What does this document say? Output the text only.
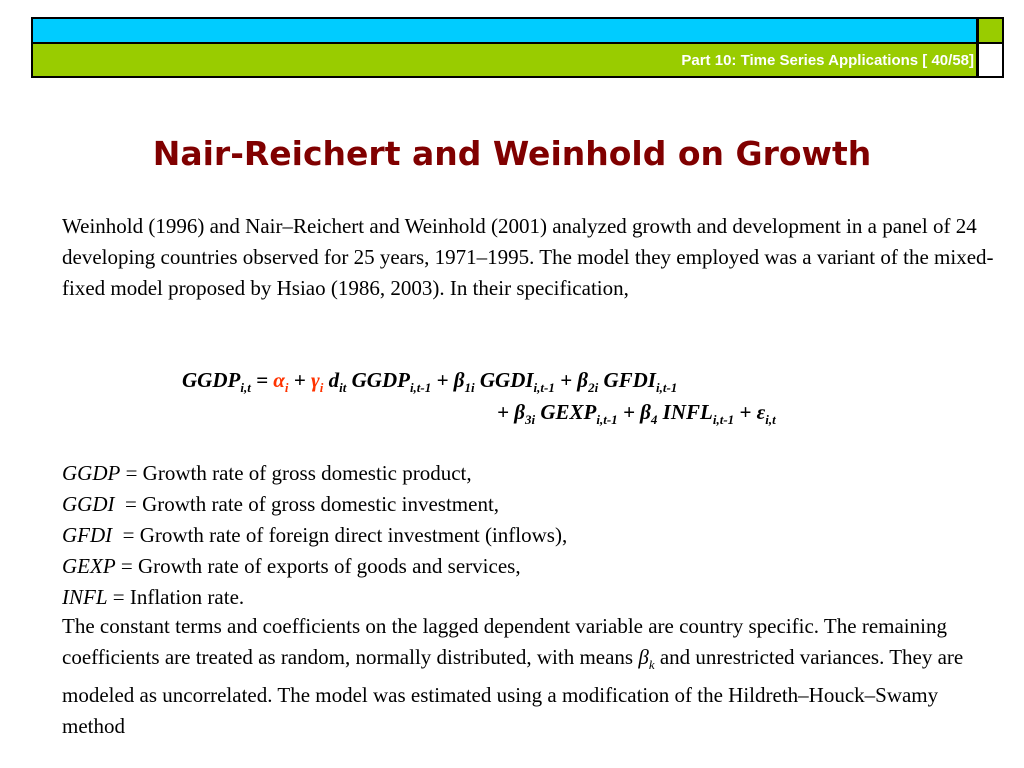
Part 10: Time Series Applications [ 40/58]
Nair-Reichert and Weinhold on Growth
Weinhold (1996) and Nair–Reichert and Weinhold (2001) analyzed growth and development in a panel of 24 developing countries observed for 25 years, 1971–1995. The model they employed was a variant of the mixed-fixed model proposed by Hsiao (1986, 2003). In their specification,
$GGDP_{i,t} = \alpha_i + \gamma_i$ $d_{it}$ $GGDP_{i,t-1} + \beta_{1i}$ $GGDI_{i,t-1} + \beta_{2i}$ $GFDI_{i,t-1}$
+ $\beta_{3i}$ $GEXP_{i,t-1} + \beta_4$ $INFL_{i,t-1} + \varepsilon_{i,t}$
GGDP = Growth rate of gross domestic product,
GGDI  = Growth rate of gross domestic investment,
GFDI  = Growth rate of foreign direct investment (inflows),
GEXP = Growth rate of exports of goods and services,
INFL = Inflation rate.
The constant terms and coefficients on the lagged dependent variable are country specific. The remaining coefficients are treated as random, normally distributed, with means $\beta_k$ and unrestricted variances. They are modeled as uncorrelated. The model was estimated using a modification of the Hildreth–Houck–Swamy method
